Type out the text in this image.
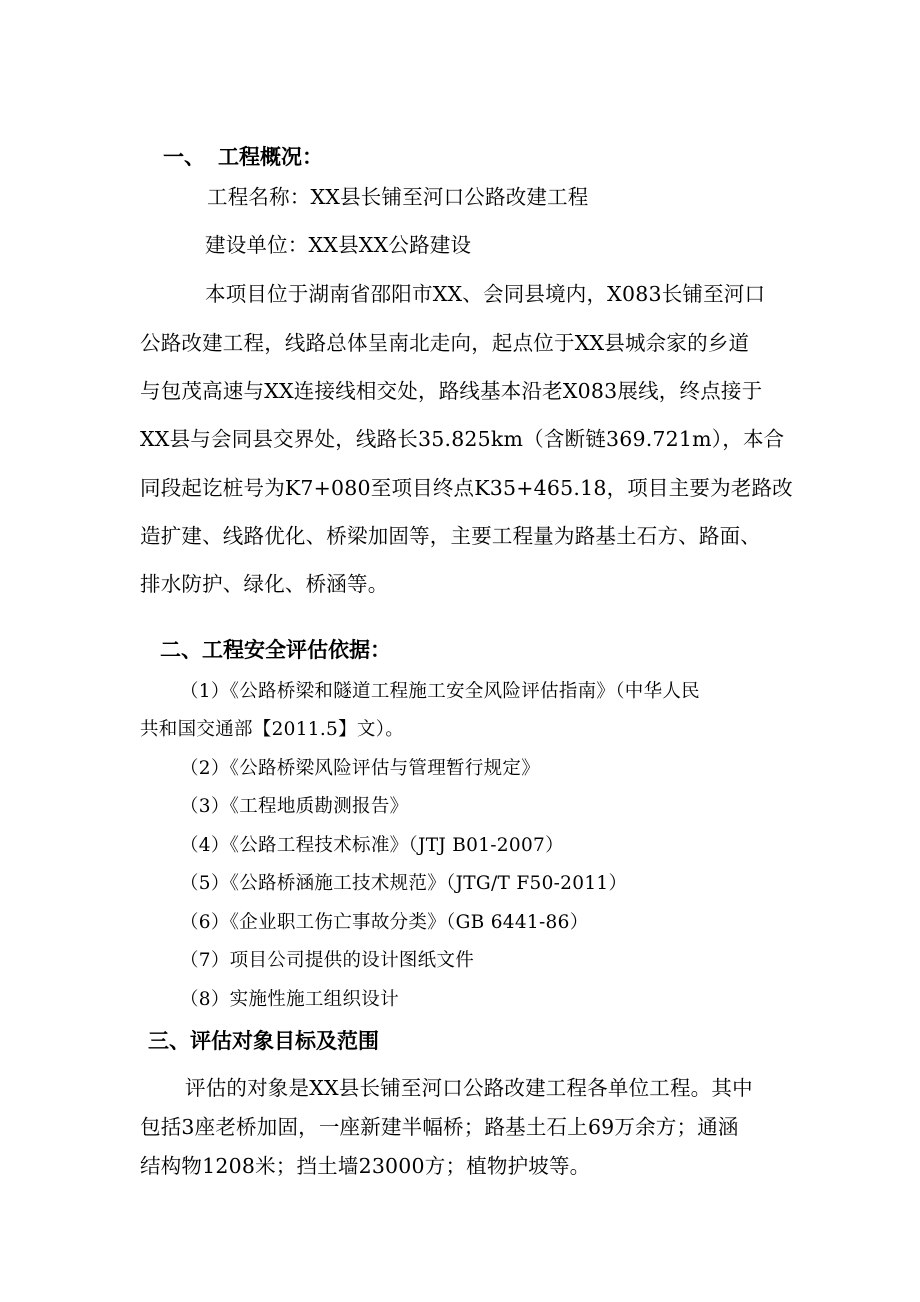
一、 工程概况：
工程名称：XX县长铺至河口公路改建工程
建设单位：XX县XX公路建设
本项目位于湖南省邵阳市XX、会同县境内，X083长铺至河口
公路改建工程，线路总体呈南北走向，起点位于XX县城佘家的乡道
与包茂高速与XX连接线相交处，路线基本沿老X083展线，终点接于
XX县与会同县交界处，线路长35.825km（含断链369.721m），本合
同段起讫桩号为K7+080至项目终点K35+465.18，项目主要为老路改
造扩建、线路优化、桥梁加固等，主要工程量为路基土石方、路面、
排水防护、绿化、桥涵等。
二、工程安全评估依据：
（1）《公路桥梁和隧道工程施工安全风险评估指南》（中华人民
共和国交通部【2011.5】文）。
（2）《公路桥梁风险评估与管理暂行规定》
（3）《工程地质勘测报告》
（4）《公路工程技术标准》（JTJ B01-2007）
（5）《公路桥涵施工技术规范》（JTG/T F50-2011）
（6）《企业职工伤亡事故分类》（GB 6441-86）
（7）项目公司提供的设计图纸文件
（8）实施性施工组织设计
三、评估对象目标及范围
评估的对象是XX县长铺至河口公路改建工程各单位工程。其中
包括3座老桥加固，一座新建半幅桥；路基土石上69万余方；通涵
结构物1208米；挡土墙23000方；植物护坡等。
